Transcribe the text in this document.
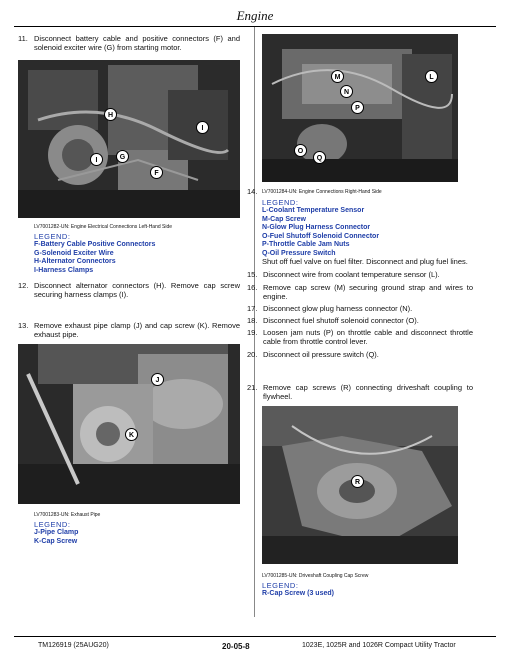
Engine
11. Disconnect battery cable and positive connectors (F) and solenoid exciter wire (G) from starting motor.
H
I
I	G
F
LV7001282-UN: Engine Electrical Connections Left-Hand Side
LEGEND:
F-Battery Cable Positive Connectors
G-Solenoid Exciter Wire
H-Alternator Connectors
I-Harness Clamps
12. Disconnect alternator connectors (H). Remove cap screw securing harness clamps (I).
13. Remove exhaust pipe clamp (J) and cap screw (K). Remove exhaust pipe.
J
K
LV7001283-UN: Exhaust Pipe
LEGEND:
J-Pipe Clamp
K-Cap Screw
M	L
N
P
O
Q
14. LV7001284-UN: Engine Connections Right-Hand Side
LEGEND:
L-Coolant Temperature Sensor
M-Cap Screw
N-Glow Plug Harness Connector
O-Fuel Shutoff Solenoid Connector
P-Throttle Cable Jam Nuts
Q-Oil Pressure Switch
Shut off fuel valve on fuel filter. Disconnect and plug fuel lines.
15. Disconnect wire from coolant temperature sensor (L).
16. Remove cap screw (M) securing ground strap and wires to engine.
17. Disconnect glow plug harness connector (N).
18. Disconnect fuel shutoff solenoid connector (O).
19. Loosen jam nuts (P) on throttle cable and disconnect throttle cable from throttle control lever.
20. Disconnect oil pressure switch (Q).
21. Remove cap screws (R) connecting driveshaft coupling to flywheel.
R
LV7001285-UN: Driveshaft Coupling Cap Screw
LEGEND:
R-Cap Screw (3 used)
TM126919 (25AUG20)	20-05-8	1023E, 1025R and 1026R Compact Utility Tractor
